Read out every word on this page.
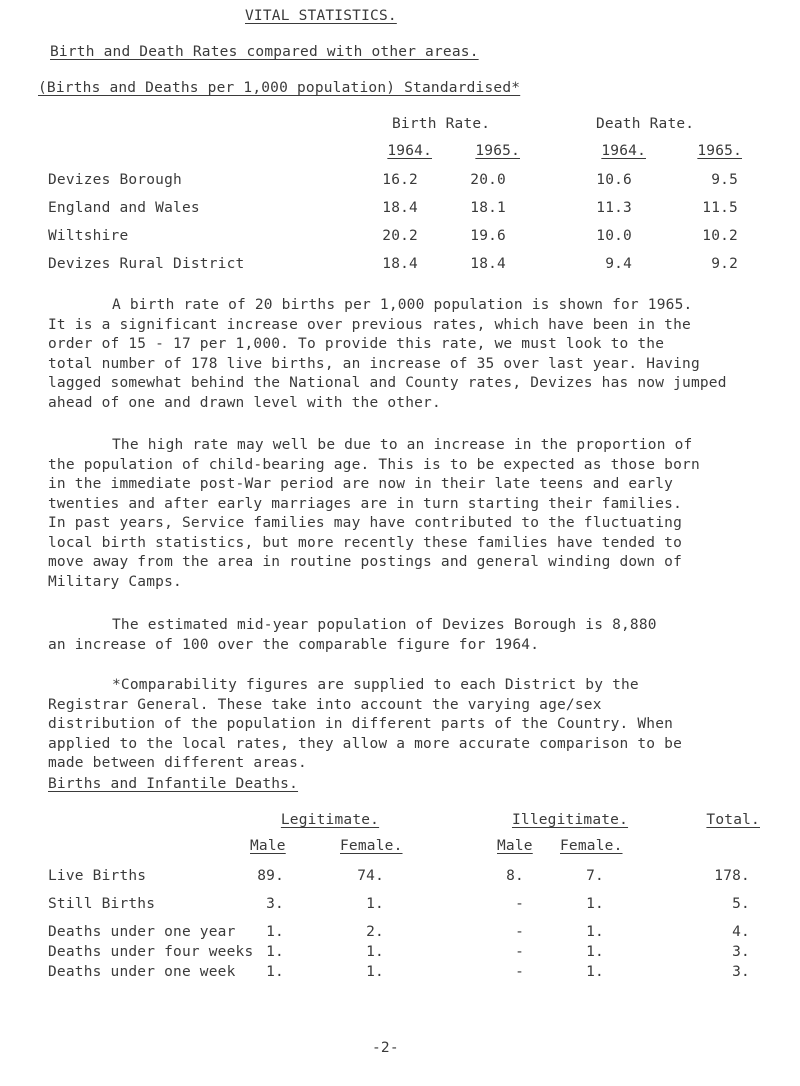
VITAL STATISTICS.
Birth and Death Rates compared with other areas.
(Births and Deaths per 1,000 population) Standardised*
Birth Rate.	Death Rate.
1964.	1965.	1964.	1965.
Devizes Borough	16.2	20.0	10.6	9.5
England and Wales	18.4	18.1	11.3	11.5
Wiltshire	20.2	19.6	10.0	10.2
Devizes Rural District	18.4	18.4	9.4	9.2
A birth rate of 20 births per 1,000 population is shown for 1965.
It is a significant increase over previous rates, which have been in the
order of 15 - 17 per 1,000. To provide this rate, we must look to the
total number of 178 live births, an increase of 35 over last year. Having
lagged somewhat behind the National and County rates, Devizes has now jumped
ahead of one and drawn level with the other.
The high rate may well be due to an increase in the proportion of
the population of child-bearing age. This is to be expected as those born
in the immediate post-War period are now in their late teens and early
twenties and after early marriages are in turn starting their families.
In past years, Service families may have contributed to the fluctuating
local birth statistics, but more recently these families have tended to
move away from the area in routine postings and general winding down of
Military Camps.
The estimated mid-year population of Devizes Borough is 8,880
an increase of 100 over the comparable figure for 1964.
*Comparability figures are supplied to each District by the
Registrar General. These take into account the varying age/sex
distribution of the population in different parts of the Country. When
applied to the local rates, they allow a more accurate comparison to be
made between different areas.
Births and Infantile Deaths.
Legitimate.	Illegitimate.	Total.
Male	Female.	Male Female.
Live Births	89.	74.	8.	7.	178.
Still Births	3.	1.	-	1.	5.
Deaths under one year	1.	2.	-	1.	4.
Deaths under four weeks 1.	1.	-	1.	3.
Deaths under one week	1.	1.	-	1.	3.
-2-
